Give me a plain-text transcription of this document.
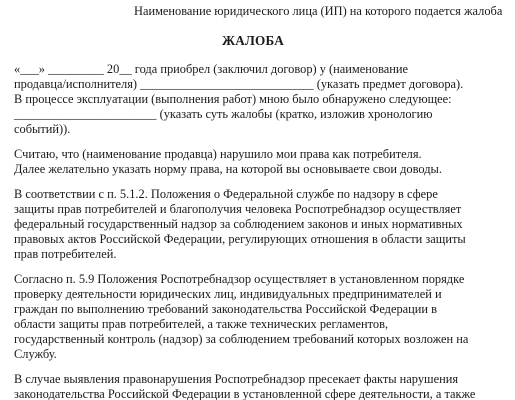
Наименование юридического лица (ИП) на которого подается жалоба

ЖАЛОБА

«___» _________ 20__ года приобрел (заключил договор) у (наименование

продавца/исполнителя) ____________________________ (указать предмет договора).

В процессе эксплуатации (выполнения работ) мною было обнаружено следующее:

_______________________ (указать суть жалобы (кратко, изложив хронологию

событий)).

Считаю, что (наименование продавца) нарушило мои права как потребителя.

Далее желательно указать норму права, на которой вы основываете свои доводы.

В соответствии с п. 5.1.2. Положения о Федеральной службе по надзору в сфере

защиты прав потребителей и благополучия человека Роспотребнадзор осуществляет

федеральный государственный надзор за соблюдением законов и иных нормативных

правовых актов Российской Федерации, регулирующих отношения в области защиты

прав потребителей.

Согласно п. 5.9 Положения Роспотребнадзор осуществляет в установленном порядке

проверку деятельности юридических лиц, индивидуальных предпринимателей и

граждан по выполнению требований законодательства Российской Федерации в

области защиты прав потребителей, а также технических регламентов,

государственный контроль (надзор) за соблюдением требований которых возложен на

Службу.

В случае выявления правонарушения Роспотребнадзор пресекает факты нарушения

законодательства Российской Федерации в установленной сфере деятельности, а также
